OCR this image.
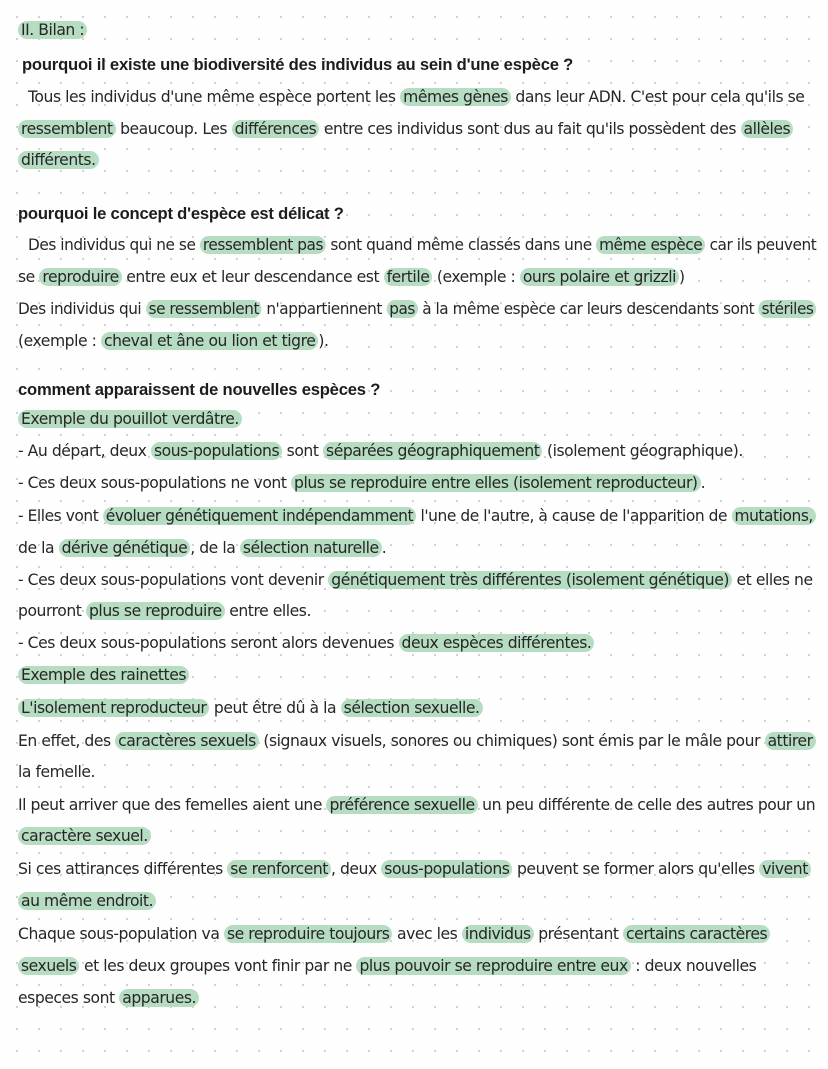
II. Bilan :
pourquoi il existe une biodiversité des individus au sein d'une espèce ?
Tous les individus d'une même espèce portent les mêmes gènes dans leur ADN. C'est pour cela qu'ils se
ressemblent beaucoup. Les différences entre ces individus sont dus au fait qu'ils possèdent des allèles
différents.
pourquoi le concept d'espèce est délicat ?
Des individus qui ne se ressemblent pas sont quand même classés dans une même espèce car ils peuvent
se reproduire entre eux et leur descendance est fertile (exemple : ours polaire et grizzli )
Des individus qui se ressemblent n'appartiennent pas à la même espèce car leurs descendants sont stériles
(exemple : cheval et âne ou lion et tigre ).
comment apparaissent de nouvelles espèces ?
Exemple du pouillot verdâtre.
- Au départ, deux sous-populations sont séparées géographiquement (isolement géographique).
- Ces deux sous-populations ne vont plus se reproduire entre elles (isolement reproducteur) .
- Elles vont évoluer génétiquement indépendamment l'une de l'autre, à cause de l'apparition de mutations,
de la dérive génétique , de la sélection naturelle .
- Ces deux sous-populations vont devenir génétiquement très différentes (isolement génétique) et elles ne
pourront plus se reproduire entre elles.
- Ces deux sous-populations seront alors devenues deux espèces différentes.
Exemple des rainettes
L'isolement reproducteur peut être dû à la sélection sexuelle.
En effet, des caractères sexuels (signaux visuels, sonores ou chimiques) sont émis par le mâle pour attirer
la femelle.
Il peut arriver que des femelles aient une préférence sexuelle un peu différente de celle des autres pour un
caractère sexuel.
Si ces attirances différentes se renforcent , deux sous-populations peuvent se former alors qu'elles vivent
au même endroit.
Chaque sous-population va se reproduire toujours avec les individus présentant certains caractères
sexuels et les deux groupes vont finir par ne plus pouvoir se reproduire entre eux : deux nouvelles
especes sont apparues.
